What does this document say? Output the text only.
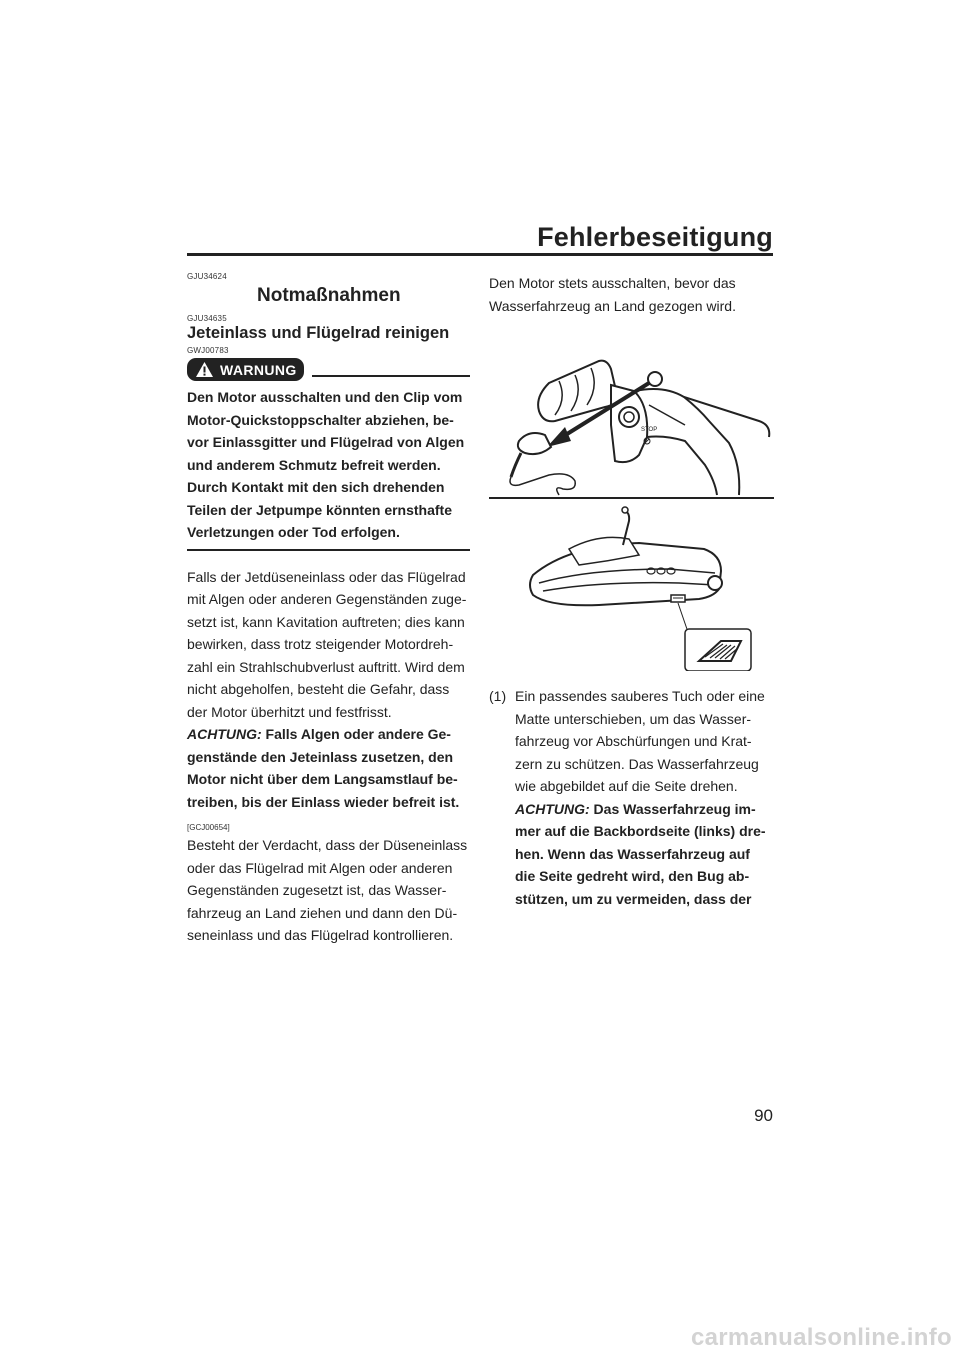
Fehlerbeseitigung
GJU34624
Notmaßnahmen
GJU34635
Jeteinlass und Flügelrad reinigen
GWJ00783
WARNUNG
Den Motor ausschalten und den Clip vom Motor-Quickstoppschalter abziehen, be-vor Einlassgitter und Flügelrad von Algen und anderem Schmutz befreit werden. Durch Kontakt mit den sich drehenden Teilen der Jetpumpe könnten ernsthafte Verletzungen oder Tod erfolgen.
Falls der Jetdüseneinlass oder das Flügelrad mit Algen oder anderen Gegenständen zuge-setzt ist, kann Kavitation auftreten; dies kann bewirken, dass trotz steigender Motordreh-zahl ein Strahlschubverlust auftritt. Wird dem nicht abgeholfen, besteht die Gefahr, dass der Motor überhitzt und festfrisst.
ACHTUNG: Falls Algen oder andere Ge-genstände den Jeteinlass zusetzen, den Motor nicht über dem Langsamstlauf be-treiben, bis der Einlass wieder befreit ist.
[GCJ00654]
Besteht der Verdacht, dass der Düseneinlass oder das Flügelrad mit Algen oder anderen Gegenständen zugesetzt ist, das Wasser-fahrzeug an Land ziehen und dann den Dü-seneinlass und das Flügelrad kontrollieren.
Den Motor stets ausschalten, bevor das Wasserfahrzeug an Land gezogen wird.
STOP
(1) Ein passendes sauberes Tuch oder eine Matte unterschieben, um das Wasser-fahrzeug vor Abschürfungen und Krat-zern zu schützen. Das Wasserfahrzeug wie abgebildet auf die Seite drehen.
ACHTUNG: Das Wasserfahrzeug im-mer auf die Backbordseite (links) dre-hen. Wenn das Wasserfahrzeug auf die Seite gedreht wird, den Bug ab-stützen, um zu vermeiden, dass der
90
carmanualsonline.info
